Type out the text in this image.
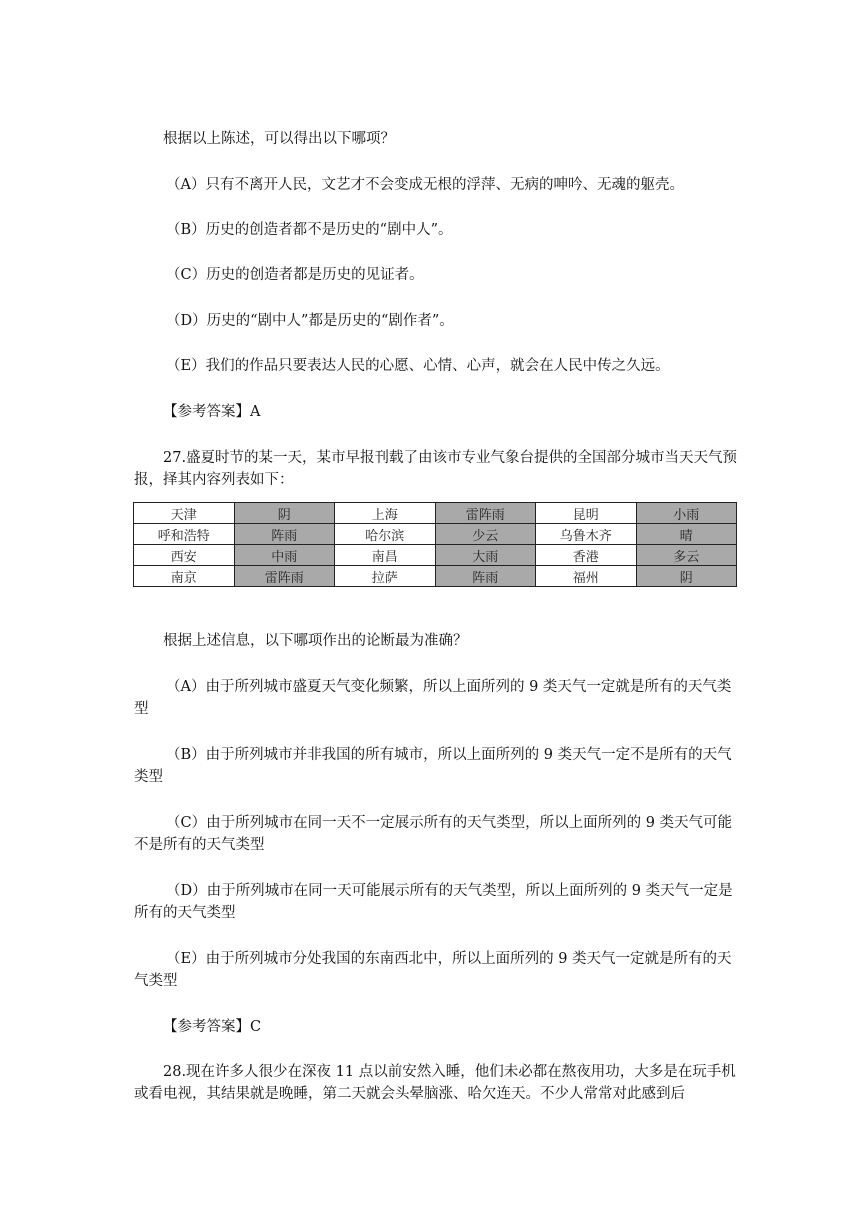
根据以上陈述，可以得出以下哪项？

（A）只有不离开人民，文艺才不会变成无根的浮萍、无病的呻吟、无魂的躯壳。

（B）历史的创造者都不是历史的“剧中人”。

（C）历史的创造者都是历史的见证者。

（D）历史的“剧中人”都是历史的“剧作者”。

（E）我们的作品只要表达人民的心愿、心情、心声，就会在人民中传之久远。

【参考答案】A

27.盛夏时节的某一天，某市早报刊载了由该市专业气象台提供的全国部分城市当天天气预报，择其内容列表如下：

天津	阴	上海	雷阵雨	昆明	小雨
呼和浩特	阵雨	哈尔滨	少云	乌鲁木齐	晴
西安	中雨	南昌	大雨	香港	多云
南京	雷阵雨	拉萨	阵雨	福州	阴

根据上述信息，以下哪项作出的论断最为准确？

（A）由于所列城市盛夏天气变化频繁，所以上面所列的 9 类天气一定就是所有的天气类型

（B）由于所列城市并非我国的所有城市，所以上面所列的 9 类天气一定不是所有的天气类型

（C）由于所列城市在同一天不一定展示所有的天气类型，所以上面所列的 9 类天气可能不是所有的天气类型

（D）由于所列城市在同一天可能展示所有的天气类型，所以上面所列的 9 类天气一定是所有的天气类型

（E）由于所列城市分处我国的东南西北中，所以上面所列的 9 类天气一定就是所有的天气类型

【参考答案】C

28.现在许多人很少在深夜 11 点以前安然入睡，他们未必都在熬夜用功，大多是在玩手机或看电视，其结果就是晚睡，第二天就会头晕脑涨、哈欠连天。不少人常常对此感到后
